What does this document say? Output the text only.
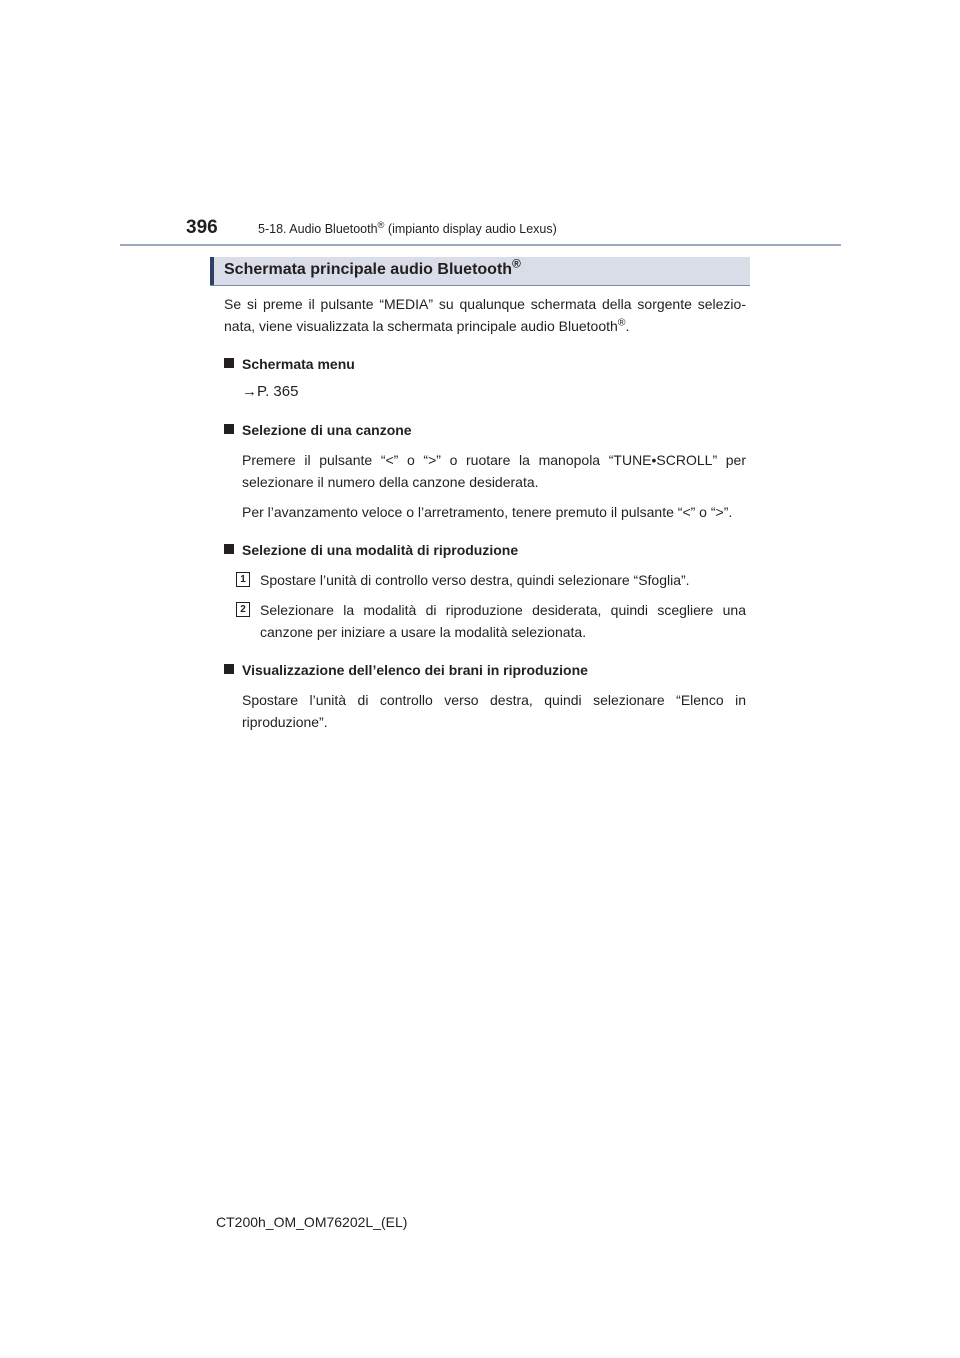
396	5-18. Audio Bluetooth® (impianto display audio Lexus)
Schermata principale audio Bluetooth®

Se si preme il pulsante “MEDIA” su qualunque schermata della sorgente selezio-nata, viene visualizzata la schermata principale audio Bluetooth®.

Schermata menu

→P. 365

Selezione di una canzone

Premere il pulsante “<” o “>” o ruotare la manopola “TUNE•SCROLL” per selezionare il numero della canzone desiderata.

Per l’avanzamento veloce o l’arretramento, tenere premuto il pulsante “<” o “>”.

Selezione di una modalità di riproduzione

1	Spostare l’unità di controllo verso destra, quindi selezionare “Sfoglia”.

2	Selezionare la modalità di riproduzione desiderata, quindi scegliere una canzone per iniziare a usare la modalità selezionata.

Visualizzazione dell’elenco dei brani in riproduzione

Spostare l’unità di controllo verso destra, quindi selezionare “Elenco in riproduzione”.

CT200h_OM_OM76202L_(EL)
